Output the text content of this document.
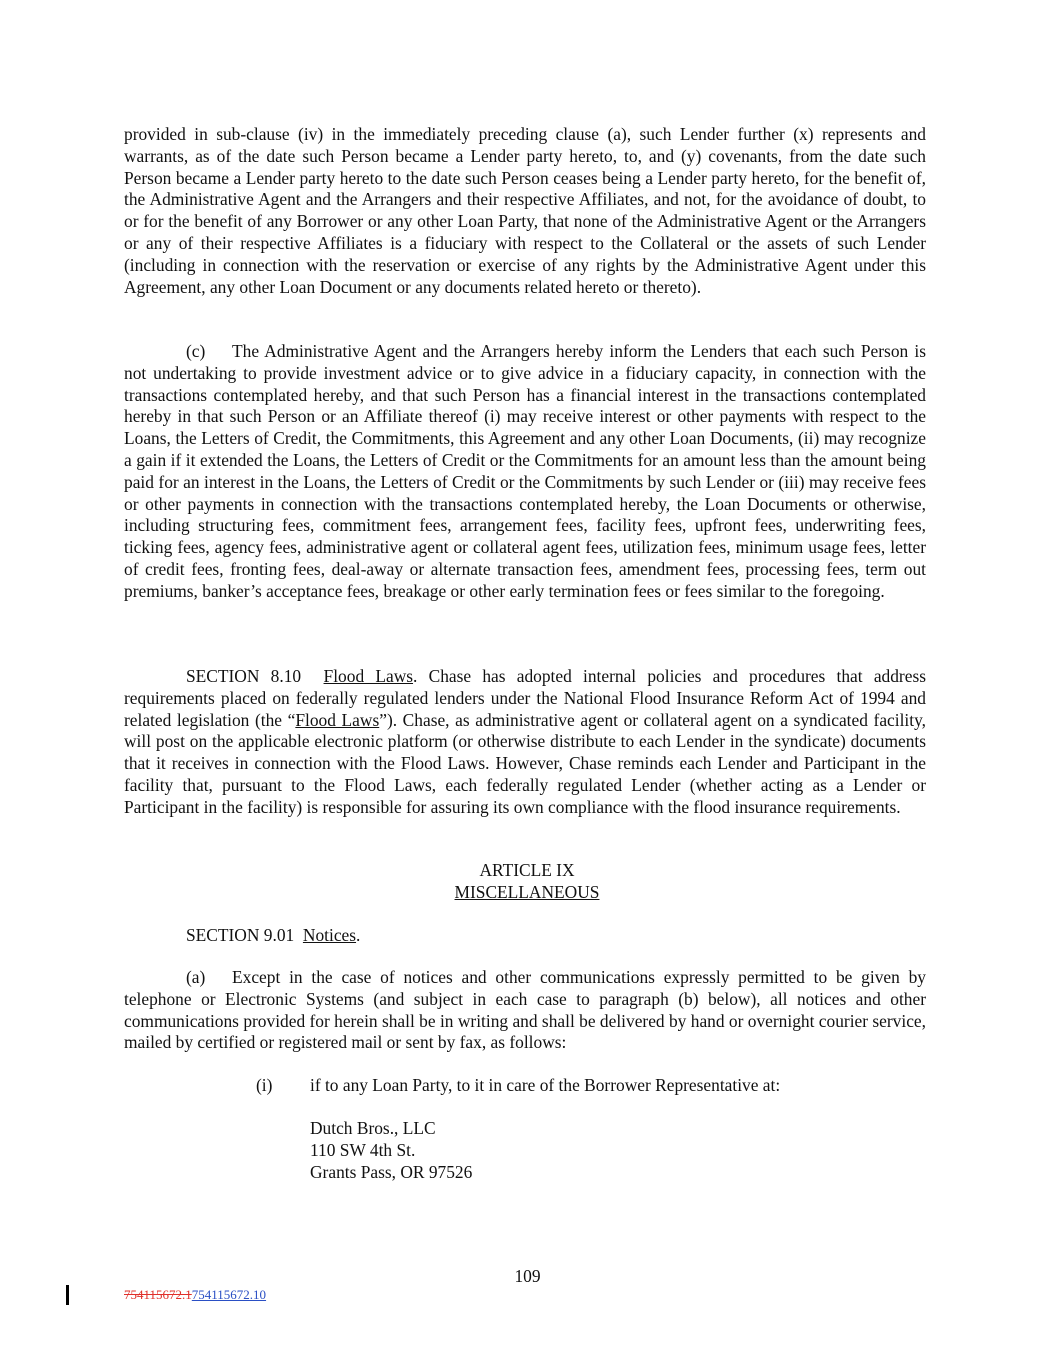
provided in sub-clause (iv) in the immediately preceding clause (a), such Lender further (x) represents and warrants, as of the date such Person became a Lender party hereto, to, and (y) covenants, from the date such Person became a Lender party hereto to the date such Person ceases being a Lender party hereto, for the benefit of, the Administrative Agent and the Arrangers and their respective Affiliates, and not, for the avoidance of doubt, to or for the benefit of any Borrower or any other Loan Party, that none of the Administrative Agent or the Arrangers or any of their respective Affiliates is a fiduciary with respect to the Collateral or the assets of such Lender (including in connection with the reservation or exercise of any rights by the Administrative Agent under this Agreement, any other Loan Document or any documents related hereto or thereto).

(c) The Administrative Agent and the Arrangers hereby inform the Lenders that each such Person is not undertaking to provide investment advice or to give advice in a fiduciary capacity, in connection with the transactions contemplated hereby, and that such Person has a financial interest in the transactions contemplated hereby in that such Person or an Affiliate thereof (i) may receive interest or other payments with respect to the Loans, the Letters of Credit, the Commitments, this Agreement and any other Loan Documents, (ii) may recognize a gain if it extended the Loans, the Letters of Credit or the Commitments for an amount less than the amount being paid for an interest in the Loans, the Letters of Credit or the Commitments by such Lender or (iii) may receive fees or other payments in connection with the transactions contemplated hereby, the Loan Documents or otherwise, including structuring fees, commitment fees, arrangement fees, facility fees, upfront fees, underwriting fees, ticking fees, agency fees, administrative agent or collateral agent fees, utilization fees, minimum usage fees, letter of credit fees, fronting fees, deal-away or alternate transaction fees, amendment fees, processing fees, term out premiums, banker’s acceptance fees, breakage or other early termination fees or fees similar to the foregoing.

SECTION 8.10 Flood Laws. Chase has adopted internal policies and procedures that address requirements placed on federally regulated lenders under the National Flood Insurance Reform Act of 1994 and related legislation (the “Flood Laws”). Chase, as administrative agent or collateral agent on a syndicated facility, will post on the applicable electronic platform (or otherwise distribute to each Lender in the syndicate) documents that it receives in connection with the Flood Laws. However, Chase reminds each Lender and Participant in the facility that, pursuant to the Flood Laws, each federally regulated Lender (whether acting as a Lender or Participant in the facility) is responsible for assuring its own compliance with the flood insurance requirements.

ARTICLE IX

MISCELLANEOUS

SECTION 9.01 Notices.

(a) Except in the case of notices and other communications expressly permitted to be given by telephone or Electronic Systems (and subject in each case to paragraph (b) below), all notices and other communications provided for herein shall be in writing and shall be delivered by hand or overnight courier service, mailed by certified or registered mail or sent by fax, as follows:

(i) if to any Loan Party, to it in care of the Borrower Representative at:

Dutch Bros., LLC
110 SW 4th St.
Grants Pass, OR 97526

109

754115672.1754115672.10
